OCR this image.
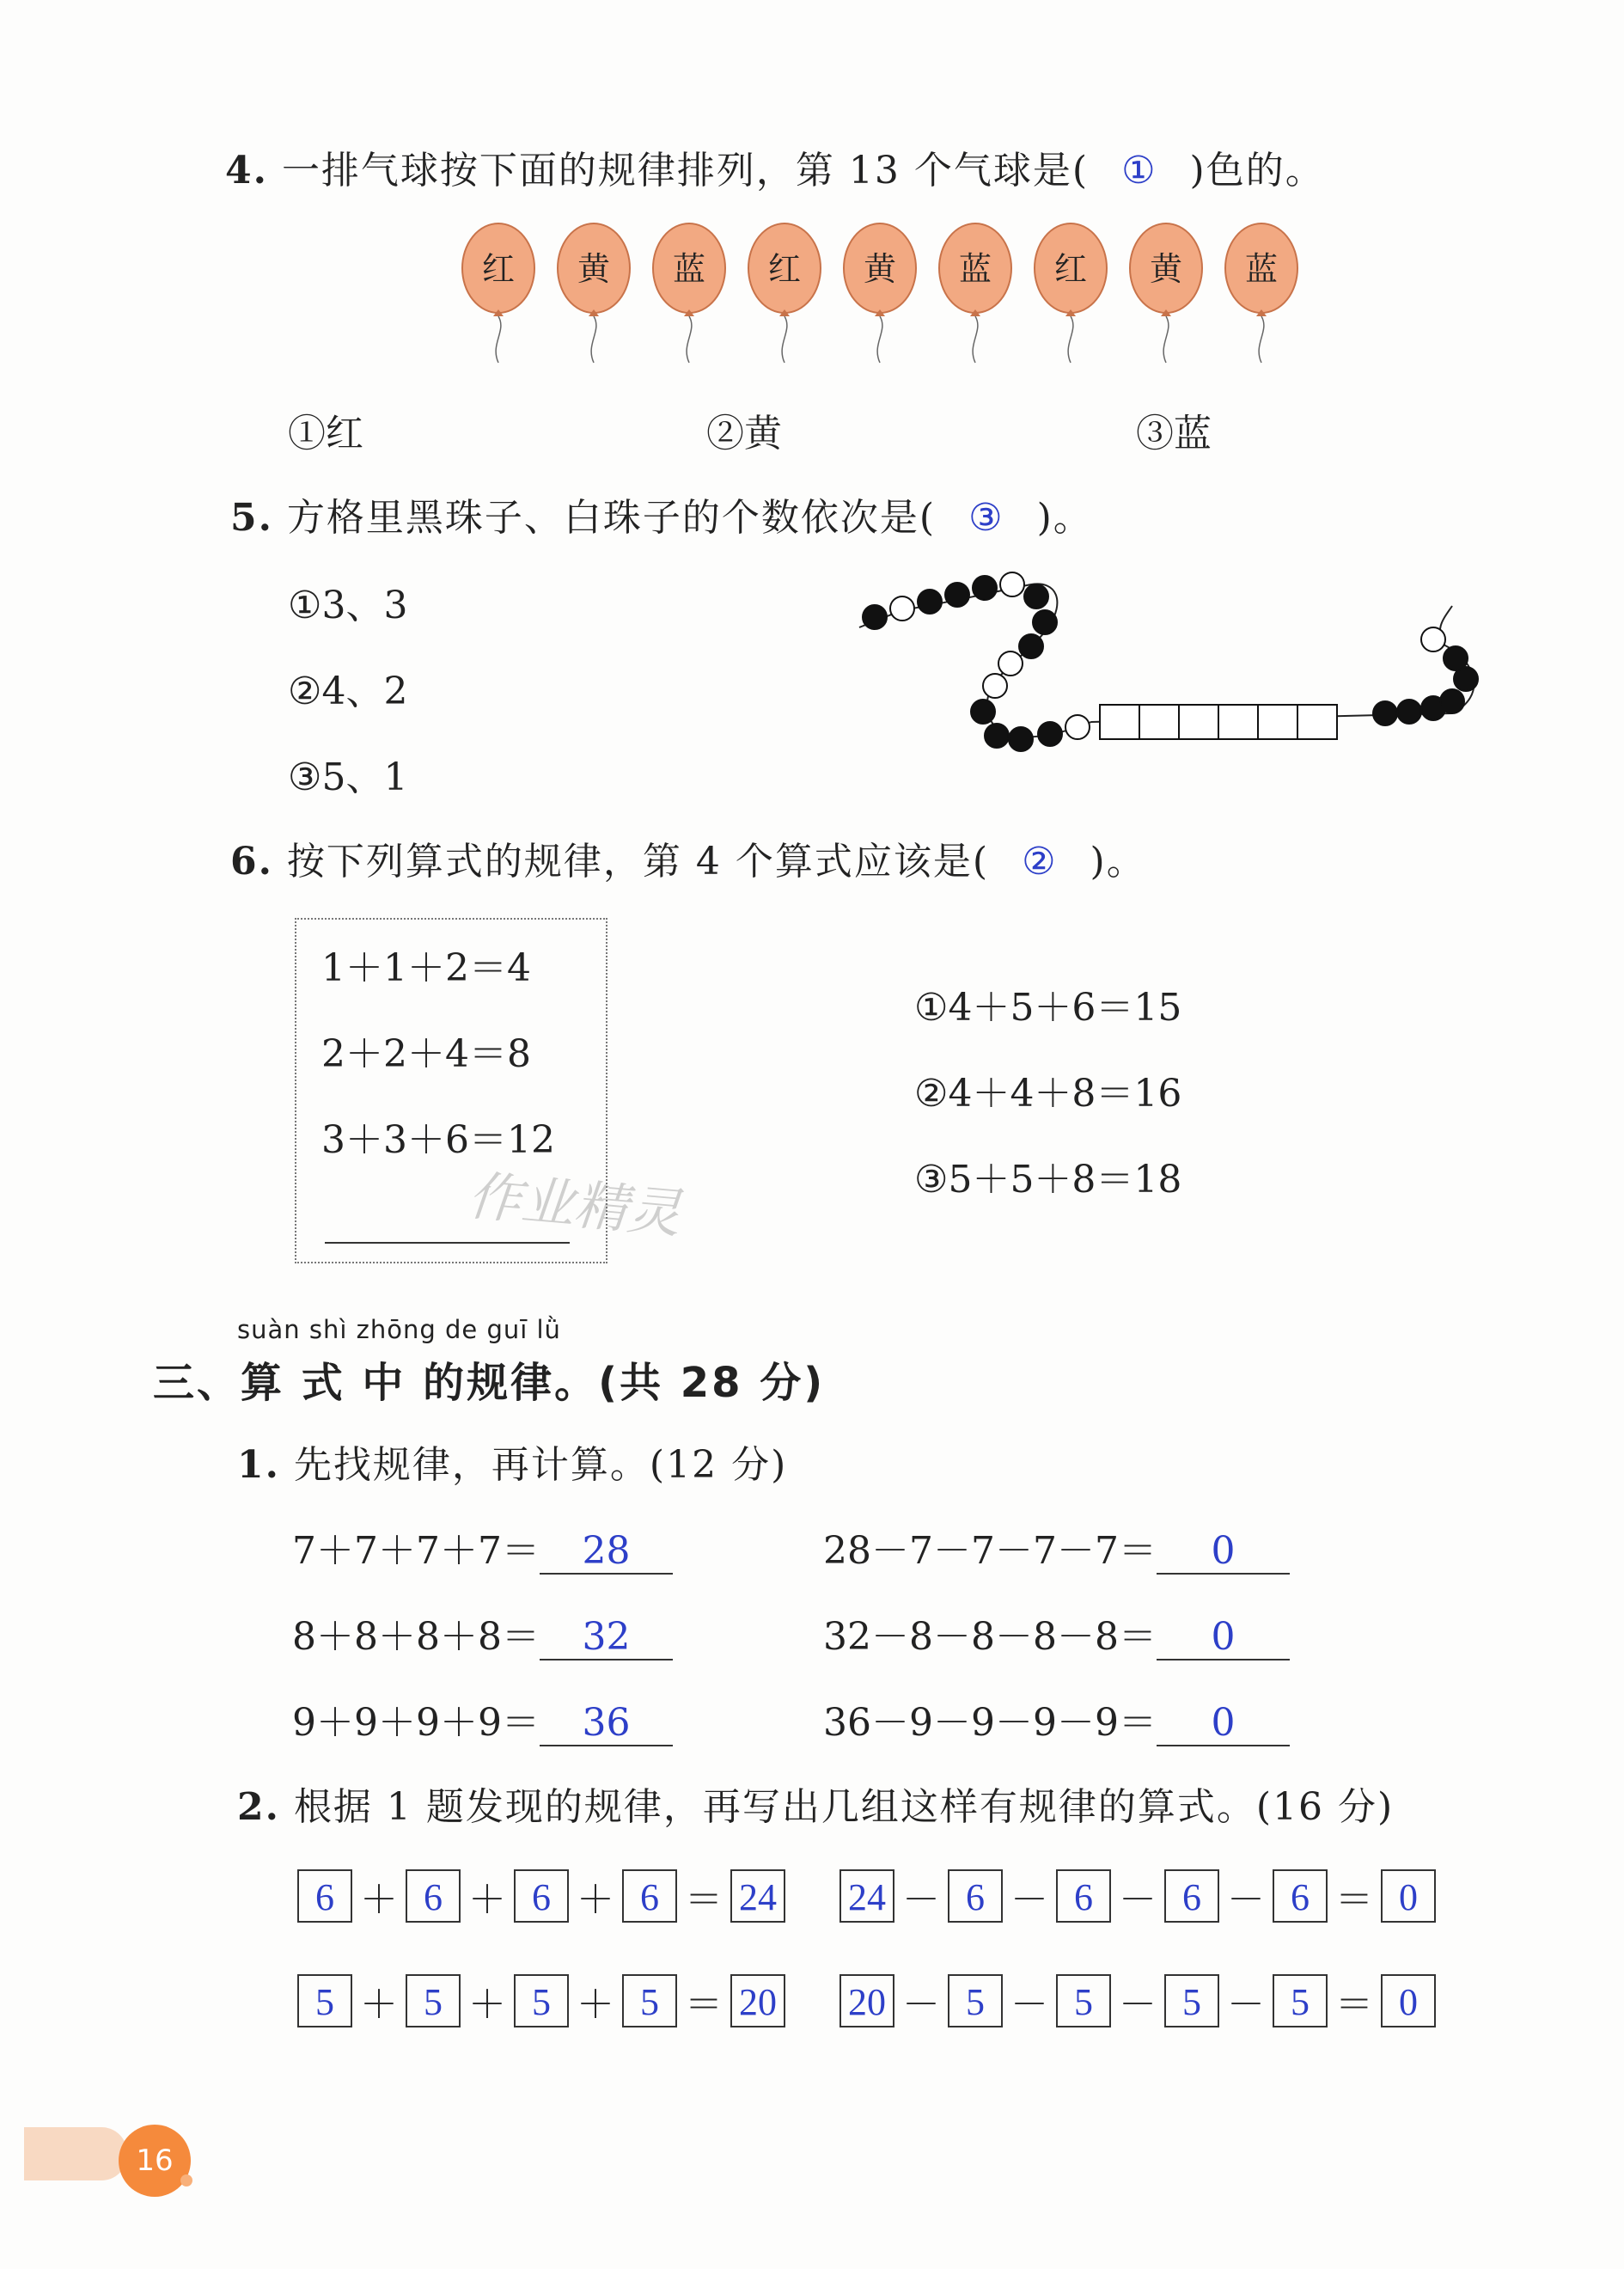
4. 一排气球按下面的规律排列，第 13 个气球是( ① )色的。
红 黄 蓝 红 黄 蓝 红 黄 蓝
①红	②黄	③蓝
5. 方格里黑珠子、白珠子的个数依次是( ③ )。
①3、3
②4、2
③5、1
6. 按下列算式的规律，第 4 个算式应该是( ② )。
1＋1＋2＝4
2＋2＋4＝8
3＋3＋6＝12
①4＋5＋6＝15
②4＋4＋8＝16
③5＋5＋8＝18
作业精灵
suàn shì zhōng de guī lǜ
三、算 式 中 的规律。(共 28 分)
1. 先找规律，再计算。(12 分)
7＋7＋7＋7＝ 28	28－7－7－7－7＝ 0
8＋8＋8＋8＝ 32	32－8－8－8－8＝ 0
9＋9＋9＋9＝ 36	36－9－9－9－9＝ 0
2. 根据 1 题发现的规律，再写出几组这样有规律的算式。(16 分)
6 ＋ 6 ＋ 6 ＋ 6 ＝ 24 24 － 6 － 6 － 6 － 6 ＝ 0
5 ＋ 5 ＋ 5 ＋ 5 ＝ 20 20 － 5 － 5 － 5 － 5 ＝ 0
16
